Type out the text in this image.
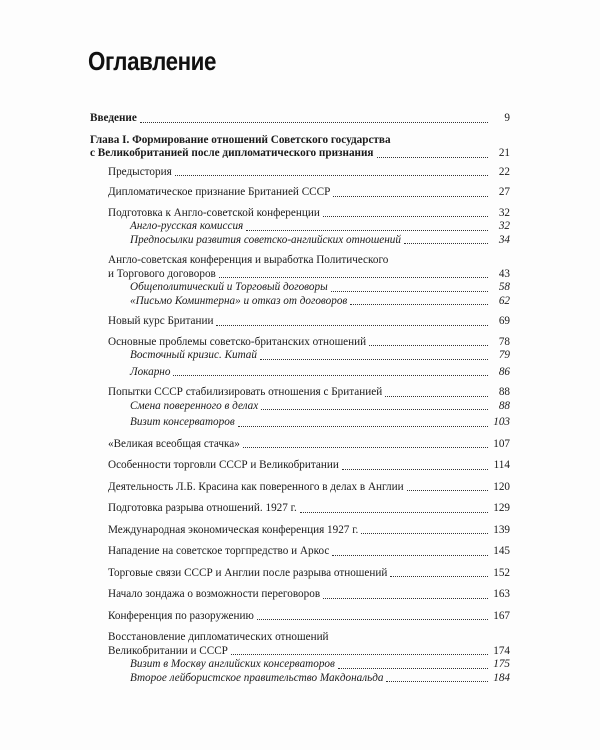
Оглавление
Введение	9
Глава I. Формирование отношений Советского государства
с Великобританией после дипломатического признания	21
Предыстория	22
Дипломатическое признание Британией СССР	27
Подготовка к Англо-советской конференции	32
Англо-русская комиссия	32
Предпосылки развития советско-английских отношений	34
Англо-советская конференция и выработка Политического
и Торгового договоров	43
Общеполитический и Торговый договоры	58
«Письмо Коминтерна» и отказ от договоров	62
Новый курс Британии	69
Основные проблемы советско-британских отношений	78
Восточный кризис. Китай	79
Локарно	86
Попытки СССР стабилизировать отношения с Британией	88
Смена поверенного в делах	88
Визит консерваторов	103
«Великая всеобщая стачка»	107
Особенности торговли СССР и Великобритании	114
Деятельность Л.Б. Красина как поверенного в делах в Англии	120
Подготовка разрыва отношений. 1927 г.	129
Международная экономическая конференция 1927 г.	139
Нападение на советское торгпредство и Аркос	145
Торговые связи СССР и Англии после разрыва отношений	152
Начало зондажа о возможности переговоров	163
Конференция по разоружению	167
Восстановление дипломатических отношений
Великобритании и СССР	174
Визит в Москву английских консерваторов	175
Второе лейбористское правительство Макдональда	184
